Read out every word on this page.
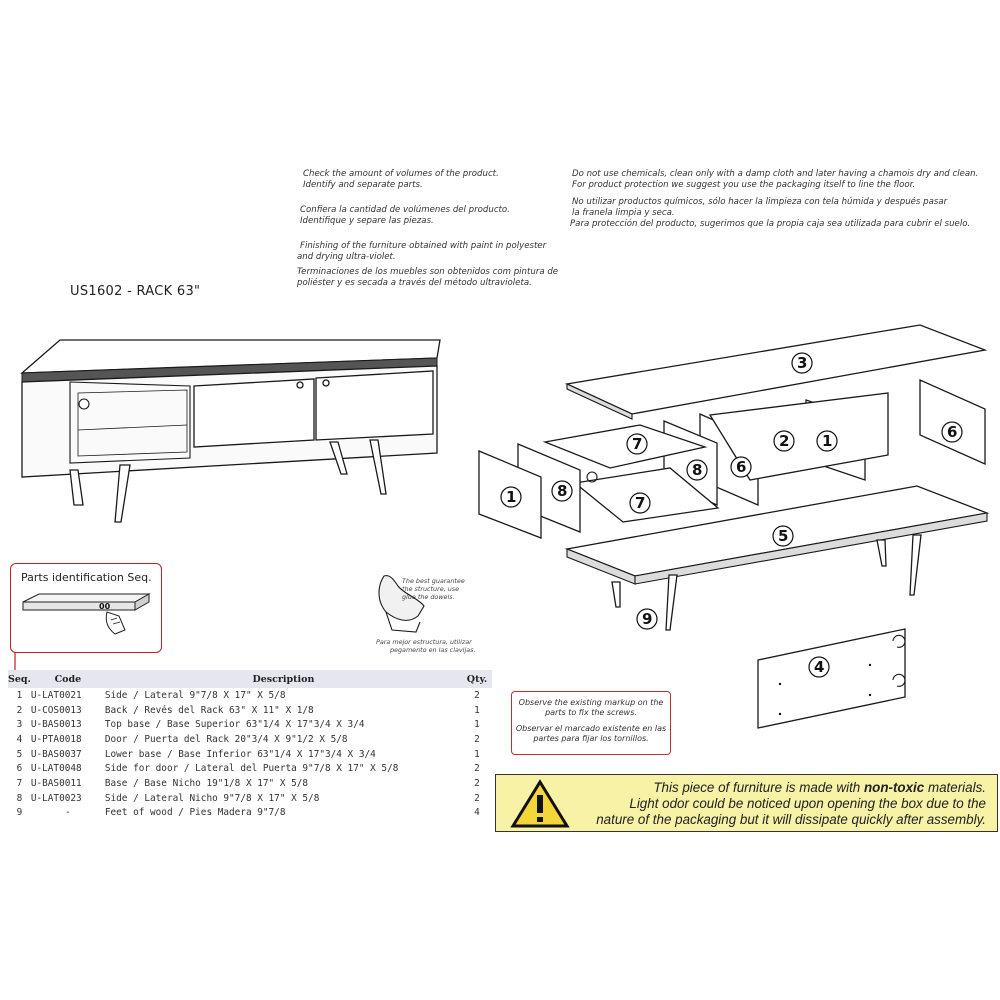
Check the amount of volumes of the product.
Identify and separate parts.
Confiera la cantidad de volúmenes del producto.
Identifique y separe las piezas.
Finishing of the furniture obtained with paint in polyester
and drying ultra-violet.
Terminaciones de los muebles son obtenidos com pintura de
poliéster y es secada a través del método ultravioleta.
Do not use chemicals, clean only with a damp cloth and later having a chamois dry and clean.
For product protection we suggest you use the packaging itself to line the floor.
No utilizar productos químicos, sólo hacer la limpieza con tela húmida y después pasar
la franela limpia y seca.
Para protección del producto, sugerimos que la propia caja sea utilizada para cubrir el suelo.
US1602 - RACK 63"
1	8
7
7
8 6
2 1
3
6
5
9
4
The best guarantee
the structure, use
glue the dowels.
Para mejor estructura, utilizar
pegamento en las clavijas.
Parts identification Seq.
00
Seq.	Code	Description	Qty.
1	U-LAT0021	Side / Lateral 9"7/8 X 17" X 5/8	2
2	U-COS0013	Back / Revés del Rack 63" X 11" X 1/8	1
3	U-BAS0013	Top base / Base Superior 63"1/4 X 17"3/4 X 3/4	1
4	U-PTA0018	Door / Puerta del Rack 20"3/4 X 9"1/2 X 5/8	2
5	U-BAS0037	Lower base / Base Inferior 63"1/4 X 17"3/4 X 3/4	1
6	U-LAT0048	Side for door / Lateral del Puerta 9"7/8 X 17" X 5/8	2
7	U-BAS0011	Base / Base Nicho 19"1/8 X 17" X 5/8	2
8	U-LAT0023	Side / Lateral Nicho 9"7/8 X 17" X 5/8	2
9	-	Feet of wood / Pies Madera 9"7/8	4
Observe the existing markup on the
parts to fix the screws.
Observar el marcado existente en las
partes para fijar los tornillos.
This piece of furniture is made with non-toxic materials.
Light odor could be noticed upon opening the box due to the
nature of the packaging but it will dissipate quickly after assembly.
